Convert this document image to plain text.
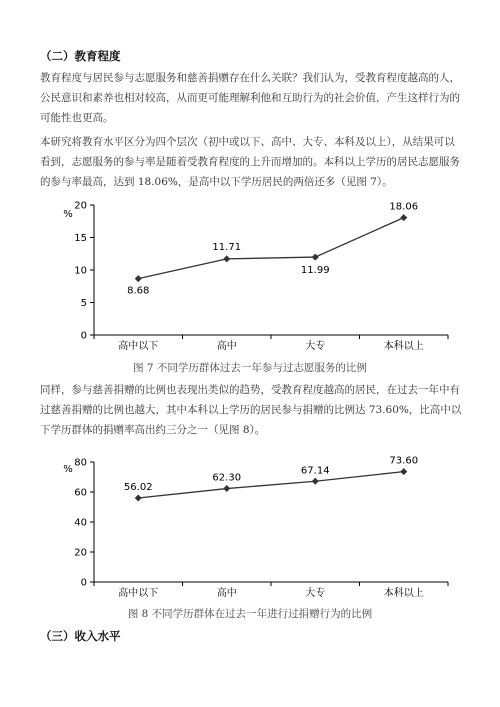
（二）教育程度
教育程度与居民参与志愿服务和慈善捐赠存在什么关联？我们认为，受教育程度越高的人，
公民意识和素养也相对较高，从而更可能理解利他和互助行为的社会价值，产生这样行为的
可能性也更高。
本研究将教育水平区分为四个层次（初中或以下、高中、大专、本科及以上），从结果可以
看到，志愿服务的参与率是随着受教育程度的上升而增加的。本科以上学历的居民志愿服务
的参与率最高，达到 18.06%，是高中以下学历居民的两倍还多（见图 7）。
0
5
10
15
20
%
高中以下	高中	大专	本科以上
8.68
11.71
11.99
18.06
图 7 不同学历群体过去一年参与过志愿服务的比例
同样，参与慈善捐赠的比例也表现出类似的趋势，受教育程度越高的居民，在过去一年中有
过慈善捐赠的比例也越大，其中本科以上学历的居民参与捐赠的比例达 73.60%，比高中以
下学历群体的捐赠率高出约三分之一（见图 8）。
0
20
40
60
80
%
高中以下	高中	大专	本科以上
56.02
62.30
67.14
73.60
图 8 不同学历群体在过去一年进行过捐赠行为的比例
（三）收入水平
